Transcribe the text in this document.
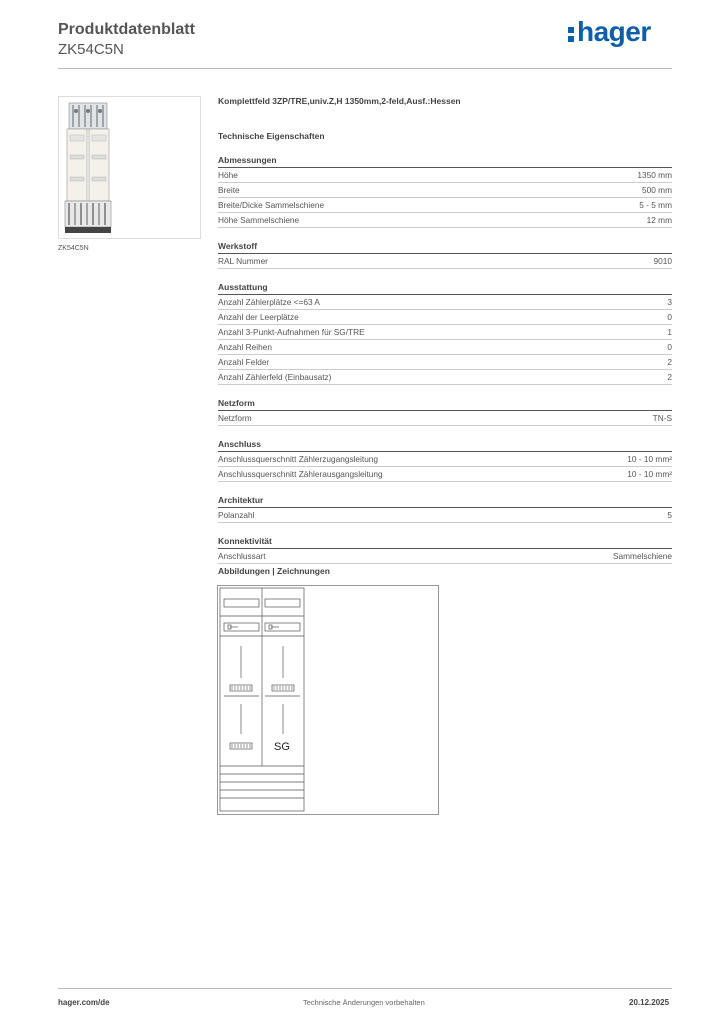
Produktdatenblatt
ZK54C5N
hager
ZK54C5N
Komplettfeld 3ZP/TRE,univ.Z,H 1350mm,2-feld,Ausf.:Hessen
Technische Eigenschaften
Abmessungen
Höhe	1350 mm
Breite	500 mm
Breite/Dicke Sammelschiene	5 - 5 mm
Höhe Sammelschiene	12 mm
Werkstoff
RAL Nummer	9010
Ausstattung
Anzahl Zählerplätze <=63 A	3
Anzahl der Leerplätze	0
Anzahl 3-Punkt-Aufnahmen für SG/TRE	1
Anzahl Reihen	0
Anzahl Felder	2
Anzahl Zählerfeld (Einbausatz)	2
Netzform
Netzform	TN-S
Anschluss
Anschlussquerschnitt Zählerzugangsleitung	10 - 10 mm²
Anschlussquerschnitt Zählerausgangsleitung	10 - 10 mm²
Architektur
Polanzahl	5
Konnektivität
Anschlussart	Sammelschiene
Abbildungen | Zeichnungen
SG
hager.com/de	Technische Änderungen vorbehalten	20.12.2025
